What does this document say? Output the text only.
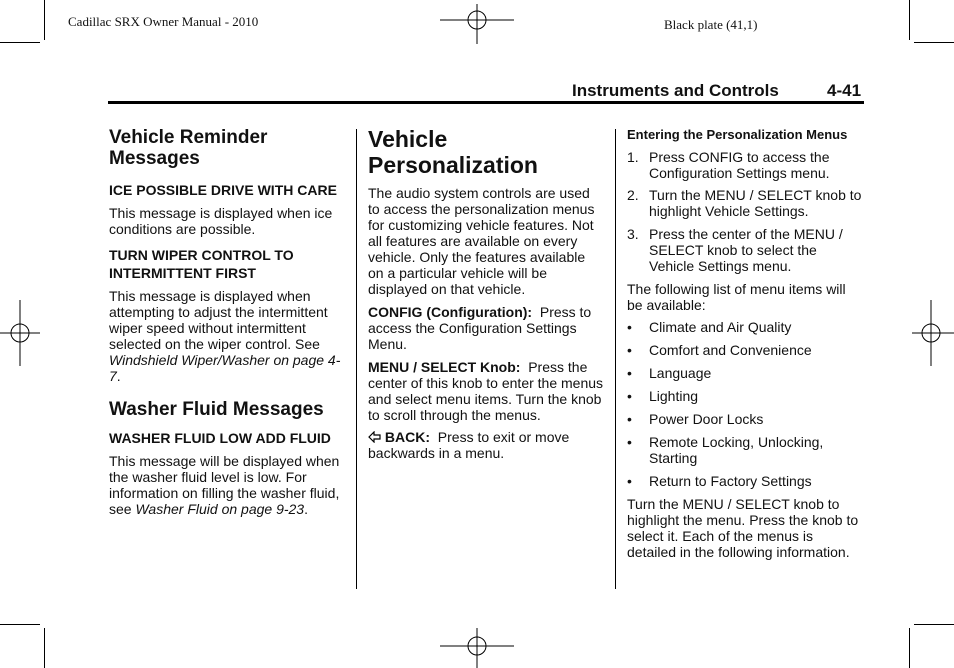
Cadillac SRX Owner Manual - 2010	Black plate (41,1)
Instruments and Controls	4-41
Vehicle Reminder Messages
ICE POSSIBLE DRIVE WITH CARE

This message is displayed when ice conditions are possible.

TURN WIPER CONTROL TO INTERMITTENT FIRST

This message is displayed when attempting to adjust the intermittent wiper speed without intermittent selected on the wiper control. See Windshield Wiper/Washer on page 4-7.

Washer Fluid Messages
WASHER FLUID LOW ADD FLUID

This message will be displayed when the washer fluid level is low. For information on filling the washer fluid, see Washer Fluid on page 9-23.

Vehicle Personalization

The audio system controls are used to access the personalization menus for customizing vehicle features. Not all features are available on every vehicle. Only the features available on a particular vehicle will be displayed on that vehicle.

CONFIG (Configuration): Press to access the Configuration Settings Menu.

MENU / SELECT Knob: Press the center of this knob to enter the menus and select menu items. Turn the knob to scroll through the menus.

BACK: Press to exit or move backwards in a menu.

Entering the Personalization Menus
1. Press CONFIG to access the Configuration Settings menu.
2. Turn the MENU / SELECT knob to highlight Vehicle Settings.
3. Press the center of the MENU / SELECT knob to select the Vehicle Settings menu.

The following list of menu items will be available:

• Climate and Air Quality
• Comfort and Convenience
• Language
• Lighting
• Power Door Locks
• Remote Locking, Unlocking, Starting
• Return to Factory Settings

Turn the MENU / SELECT knob to highlight the menu. Press the knob to select it. Each of the menus is detailed in the following information.
